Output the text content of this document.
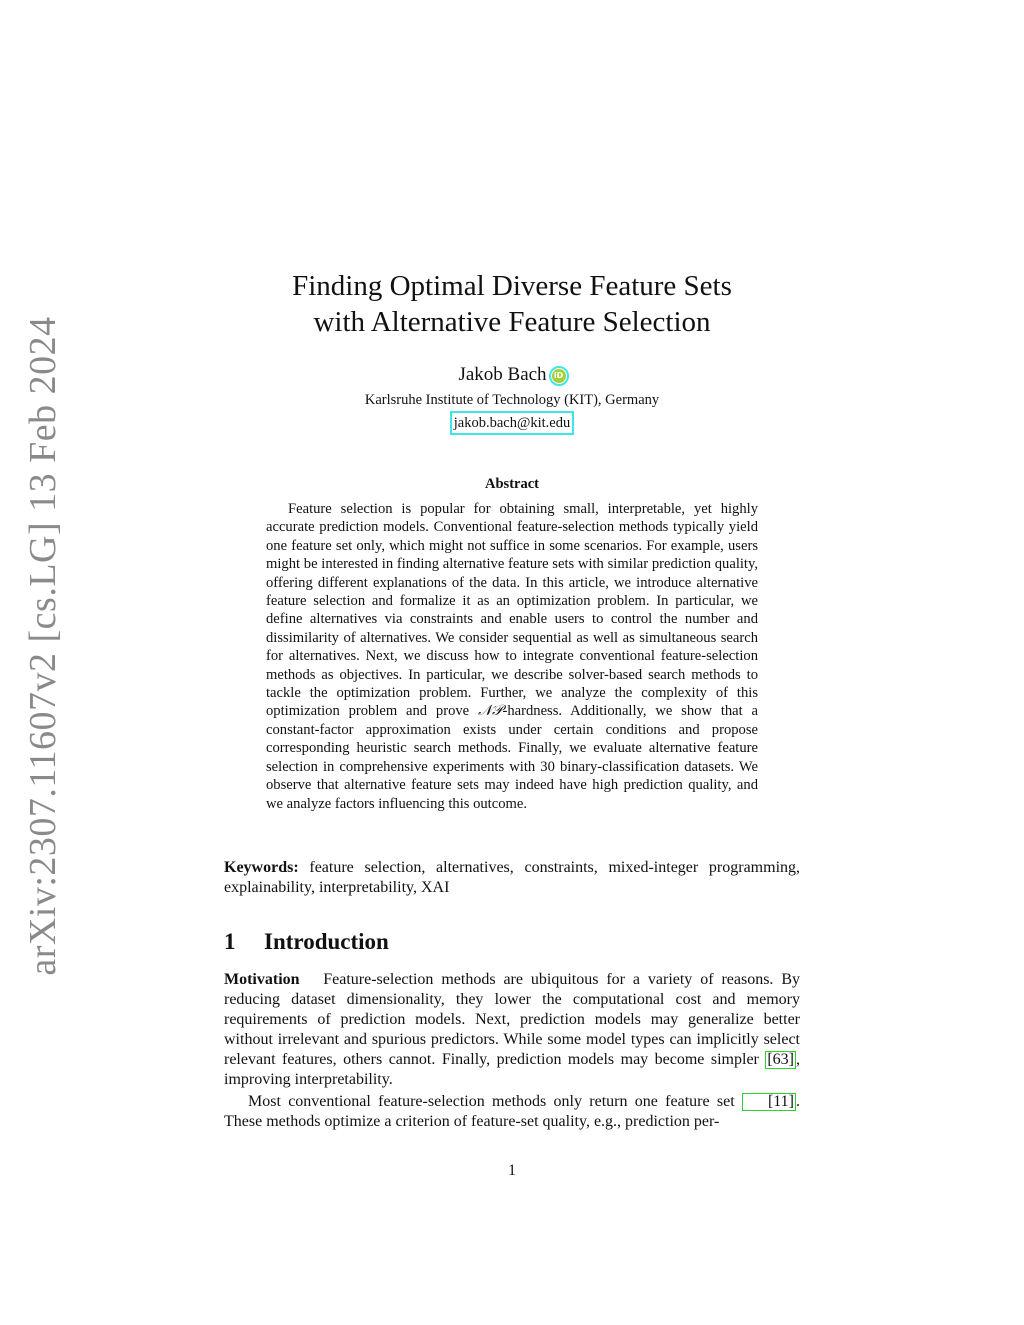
arXiv:2307.11607v2 [cs.LG] 13 Feb 2024
Finding Optimal Diverse Feature Sets
with Alternative Feature Selection
Jakob Bach iD
Karlsruhe Institute of Technology (KIT), Germany
jakob.bach@kit.edu
Abstract
Feature selection is popular for obtaining small, interpretable, yet highly accurate prediction models. Conventional feature-selection methods typically yield one feature set only, which might not suffice in some scenarios. For example, users might be interested in finding alternative feature sets with similar prediction quality, offering different explanations of the data. In this article, we introduce alternative feature selection and formalize it as an optimization problem. In particular, we define alternatives via constraints and enable users to control the number and dissimilarity of alternatives. We consider sequential as well as simultaneous search for alternatives. Next, we discuss how to integrate conventional feature-selection methods as objectives. In particular, we describe solver-based search methods to tackle the optimization problem. Further, we analyze the complexity of this optimization problem and prove 𝒩𝒫-hardness. Additionally, we show that a constant-factor approximation exists under certain conditions and propose corresponding heuristic search methods. Finally, we evaluate alternative feature selection in comprehensive experiments with 30 binary-classification datasets. We observe that alternative feature sets may indeed have high prediction quality, and we analyze factors influencing this outcome.
Keywords: feature selection, alternatives, constraints, mixed-integer programming, explainability, interpretability, XAI
1 Introduction

Motivation Feature-selection methods are ubiquitous for a variety of reasons. By reducing dataset dimensionality, they lower the computational cost and memory requirements of prediction models. Next, prediction models may generalize better without irrelevant and spurious predictors. While some model types can implicitly select relevant features, others cannot. Finally, prediction models may become simpler [63] , improving interpretability.

Most conventional feature-selection methods only return one feature set [11] . These methods optimize a criterion of feature-set quality, e.g., prediction per-

1
